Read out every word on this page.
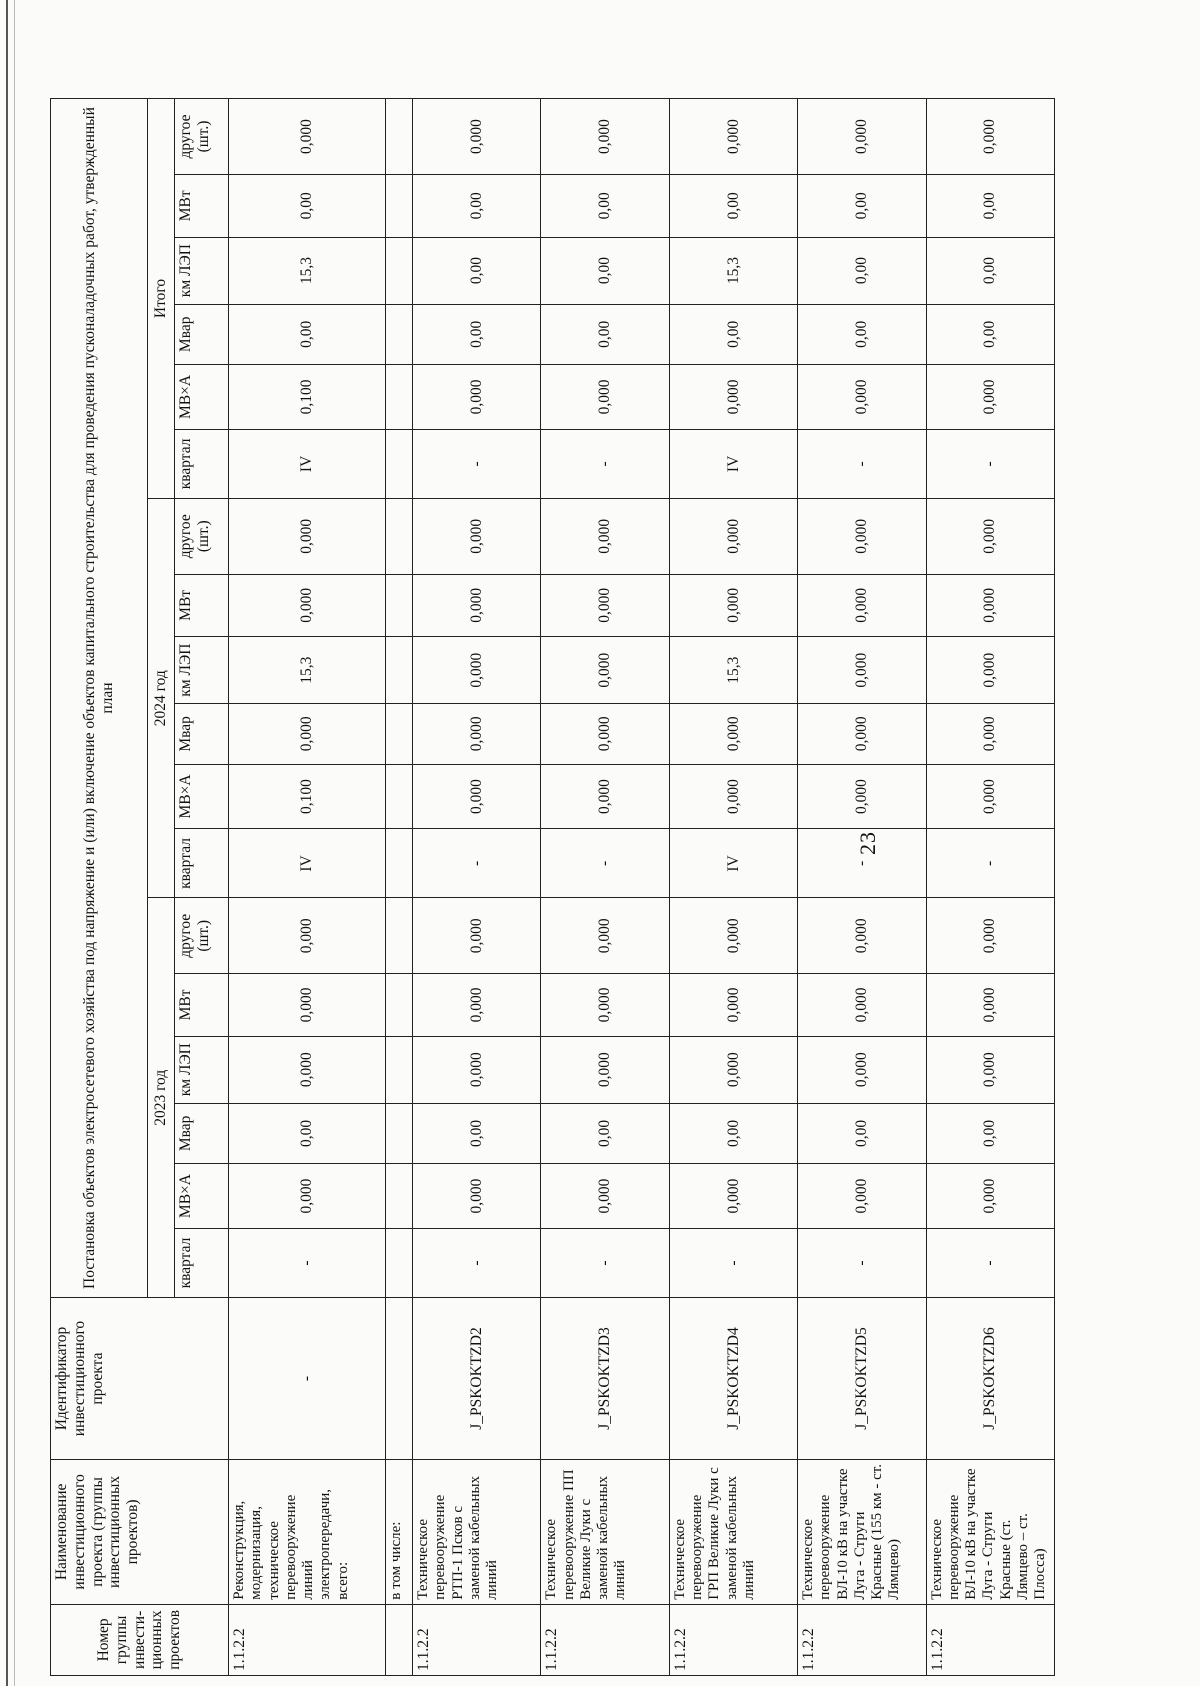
23
Номер группы инвести-ционных проектов	Наименование инвестиционного проекта (группы инвестиционных проектов)	Идентификатор инвестиционного проекта	Постановка объектов электросетевого хозяйства под напряжение и (или) включение объектов капитального строительства для проведения пусконаладочных работ, утвержденный план																	
			2023 год						2024 год						Итого					
			квартал	МВ×А	Мвар	км ЛЭП	МВт	другое (шт.)	квартал	МВ×А	Мвар	км ЛЭП	МВт	другое (шт.)	квартал	МВ×А	Мвар	км ЛЭП	МВт	другое (шт.)
1.1.2.2	Реконструкция, модернизация, техническое перевооружение линий электропередачи, всего:	-	-	0,000	0,00	0,000	0,000	0,000	IV	0,100	0,000	15,3	0,000	0,000	IV	0,100	0,00	15,3	0,00	0,000
	в том числе:																			
1.1.2.2	Техническое перевооружение РТП-1 Псков с заменой кабельных линий	J_PSKOKTZD2	-	0,000	0,00	0,000	0,000	0,000	-	0,000	0,000	0,000	0,000	0,000	-	0,000	0,00	0,00	0,00	0,000
1.1.2.2	Техническое перевооружение ПП Великие Луки с заменой кабельных линий	J_PSKOKTZD3	-	0,000	0,00	0,000	0,000	0,000	-	0,000	0,000	0,000	0,000	0,000	-	0,000	0,00	0,00	0,00	0,000
1.1.2.2	Техническое перевооружение ГРП Великие Луки с заменой кабельных линий	J_PSKOKTZD4	-	0,000	0,00	0,000	0,000	0,000	IV	0,000	0,000	15,3	0,000	0,000	IV	0,000	0,00	15,3	0,00	0,000
1.1.2.2	Техническое перевооружение ВЛ-10 кВ на участке Луга - Струги Красные (155 км - ст. Лямцево)	J_PSKOKTZD5	-	0,000	0,00	0,000	0,000	0,000	-	0,000	0,000	0,000	0,000	0,000	-	0,000	0,00	0,00	0,00	0,000
1.1.2.2	Техническое перевооружение ВЛ-10 кВ на участке Луга - Струги Красные (ст. Лямцево – ст. Плосса)	J_PSKOKTZD6	-	0,000	0,00	0,000	0,000	0,000	-	0,000	0,000	0,000	0,000	0,000	-	0,000	0,00	0,00	0,00	0,000
